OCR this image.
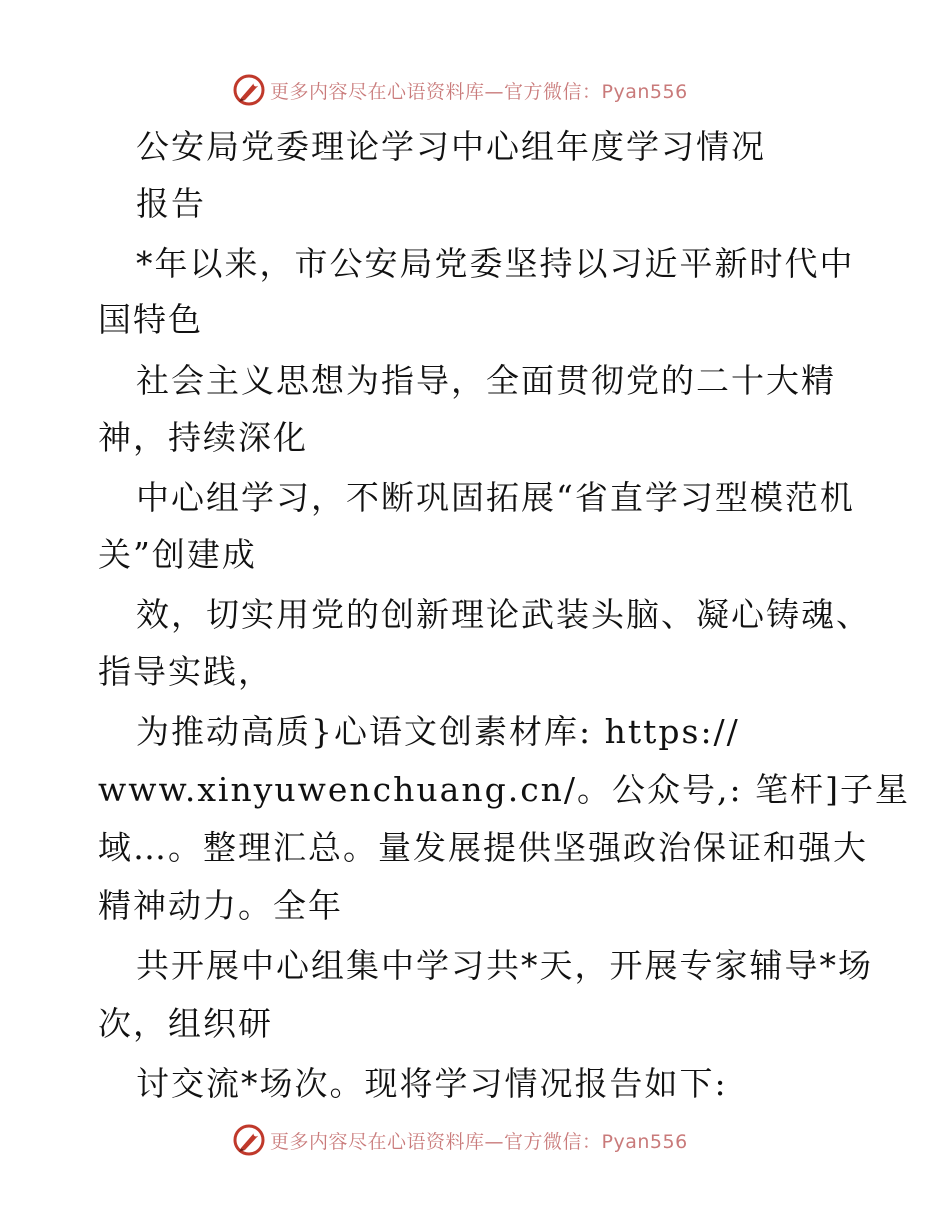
更多内容尽在心语资料库—官方微信：Pyan556
公安局党委理论学习中心组年度学习情况
报告
*年以来，市公安局党委坚持以习近平新时代中
国特色
社会主义思想为指导，全面贯彻党的二十大精
神，持续深化
中心组学习，不断巩固拓展“省直学习型模范机
关”创建成
效，切实用党的创新理论武装头脑、凝心铸魂、
指导实践，
为推动高质}心语文创素材库: https://
www.xinyuwenchuang.cn/。公众号,: 笔杆]子星
域…。整理汇总。量发展提供坚强政治保证和强大
精神动力。全年
共开展中心组集中学习共*天，开展专家辅导*场
次，组织研
讨交流*场次。现将学习情况报告如下:
更多内容尽在心语资料库—官方微信：Pyan556
